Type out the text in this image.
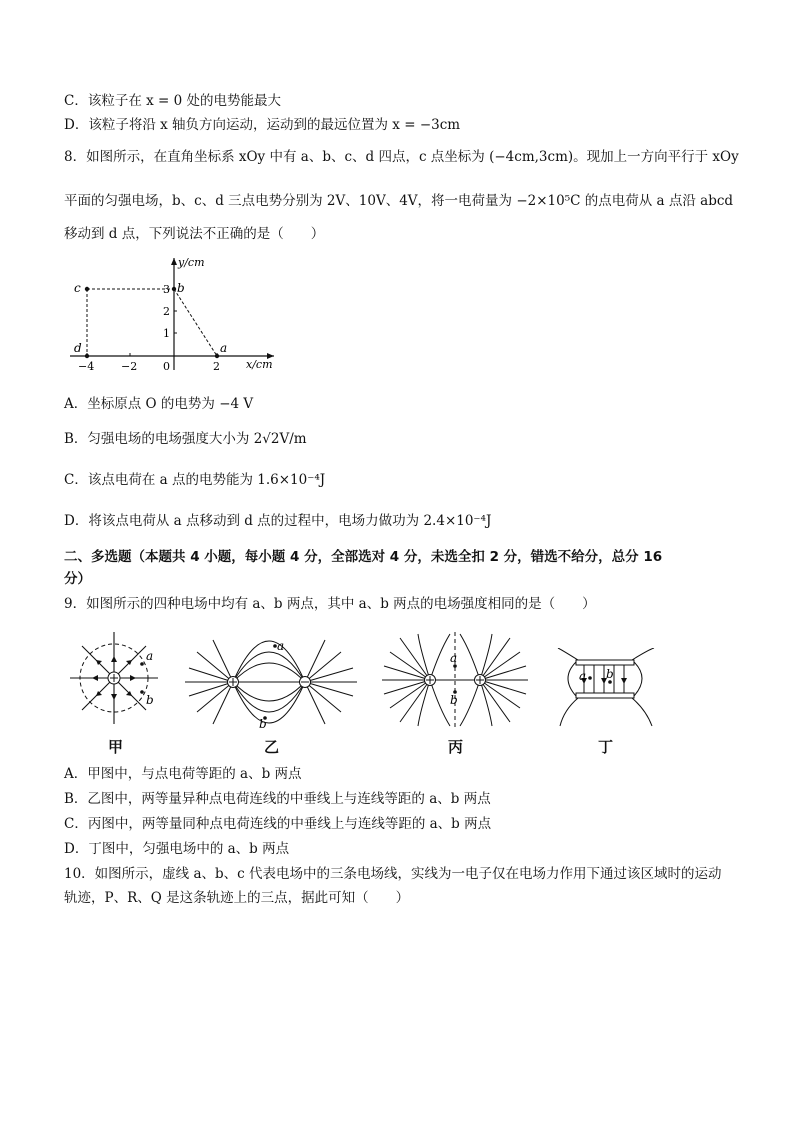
C．该粒子在 x = 0 处的电势能最大
D．该粒子将沿 x 轴负方向运动，运动到的最远位置为 x = −3cm
8．如图所示，在直角坐标系 xOy 中有 a、b、c、d 四点，c 点坐标为 (−4cm,3cm)。现加上一方向平行于 xOy
平面的匀强电场，b、c、d 三点电势分别为 2V、10V、4V，将一电荷量为 −2×10⁵C 的点电荷从 a 点沿 abcd
移动到 d 点，下列说法不正确的是（　　）
c	b
a
d
y/cm
x/cm
−4 −2 0	2
1
2
3
A．坐标原点 O 的电势为 −4 V
B．匀强电场的电场强度大小为 2√2V/m
C．该点电荷在 a 点的电势能为 1.6×10⁻⁴J
D．将该点电荷从 a 点移动到 d 点的过程中，电场力做功为 2.4×10⁻⁴J
二、多选题（本题共 4 小题，每小题 4 分，全部选对 4 分，未选全扣 2 分，错选不给分，总分 16
分）
9．如图所示的四种电场中均有 a、b 两点，其中 a、b 两点的电场强度相同的是（　　）
a
b
甲
a
b
乙
a
b
丙
a b
丁
A．甲图中，与点电荷等距的 a、b 两点
B．乙图中，两等量异种点电荷连线的中垂线上与连线等距的 a、b 两点
C．丙图中，两等量同种点电荷连线的中垂线上与连线等距的 a、b 两点
D．丁图中，匀强电场中的 a、b 两点
10．如图所示，虚线 a、b、c 代表电场中的三条电场线，实线为一电子仅在电场力作用下通过该区域时的运动
轨迹，P、R、Q 是这条轨迹上的三点，据此可知（　　）
